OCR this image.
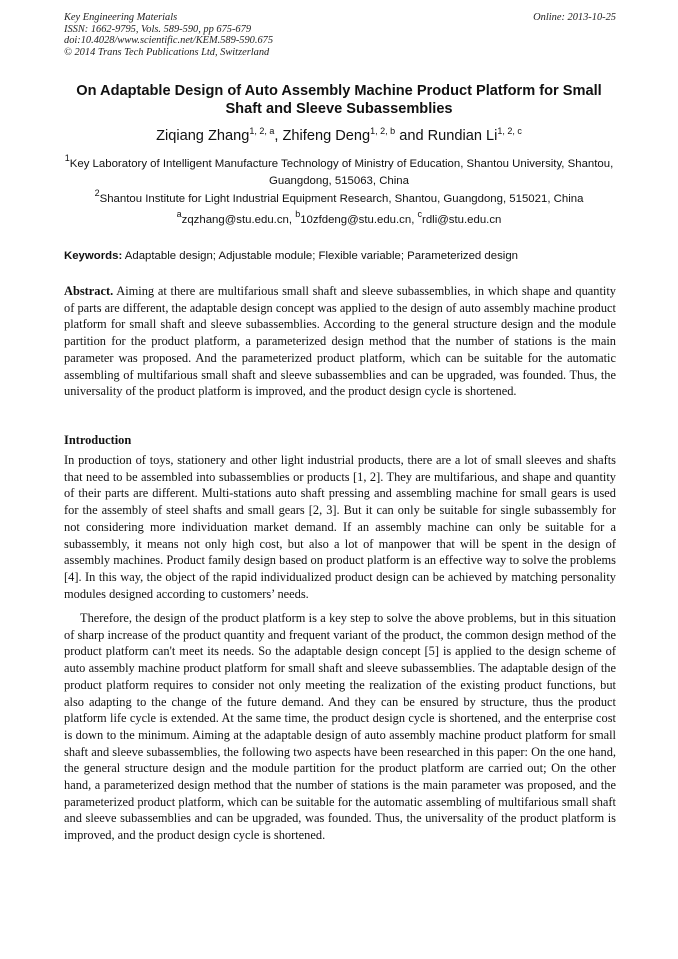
Key Engineering Materials
ISSN: 1662-9795, Vols. 589-590, pp 675-679
doi:10.4028/www.scientific.net/KEM.589-590.675
© 2014 Trans Tech Publications Ltd, Switzerland
Online: 2013-10-25
On Adaptable Design of Auto Assembly Machine Product Platform for Small Shaft and Sleeve Subassemblies
Ziqiang Zhang$^{1, 2, a}$, Zhifeng Deng$^{1, 2, b}$ and Rundian Li$^{1, 2, c}$
$^1$Key Laboratory of Intelligent Manufacture Technology of Ministry of Education, Shantou University, Shantou, Guangdong, 515063, China
$^2$Shantou Institute for Light Industrial Equipment Research, Shantou, Guangdong, 515021, China
$^a$zqzhang@stu.edu.cn, $^b$10zfdeng@stu.edu.cn, $^c$rdli@stu.edu.cn
Keywords: Adaptable design; Adjustable module; Flexible variable; Parameterized design
Abstract. Aiming at there are multifarious small shaft and sleeve subassemblies, in which shape and quantity of parts are different, the adaptable design concept was applied to the design of auto assembly machine product platform for small shaft and sleeve subassemblies. According to the general structure design and the module partition for the product platform, a parameterized design method that the number of stations is the main parameter was proposed. And the parameterized product platform, which can be suitable for the automatic assembling of multifarious small shaft and sleeve subassemblies and can be upgraded, was founded. Thus, the universality of the product platform is improved, and the product design cycle is shortened.
Introduction
In production of toys, stationery and other light industrial products, there are a lot of small sleeves and shafts that need to be assembled into subassemblies or products [1, 2]. They are multifarious, and shape and quantity of their parts are different. Multi-stations auto shaft pressing and assembling machine for small gears is used for the assembly of steel shafts and small gears [2, 3]. But it can only be suitable for single subassembly for not considering more individuation market demand. If an assembly machine can only be suitable for a subassembly, it means not only high cost, but also a lot of manpower that will be spent in the design of assembly machines. Product family design based on product platform is an effective way to solve the problems [4]. In this way, the object of the rapid individualized product design can be achieved by matching personality modules designed according to customers’ needs.
Therefore, the design of the product platform is a key step to solve the above problems, but in this situation of sharp increase of the product quantity and frequent variant of the product, the common design method of the product platform can't meet its needs. So the adaptable design concept [5] is applied to the design scheme of auto assembly machine product platform for small shaft and sleeve subassemblies. The adaptable design of the product platform requires to consider not only meeting the realization of the existing product functions, but also adapting to the change of the future demand. And they can be ensured by structure, thus the product platform life cycle is extended. At the same time, the product design cycle is shortened, and the enterprise cost is down to the minimum. Aiming at the adaptable design of auto assembly machine product platform for small shaft and sleeve subassemblies, the following two aspects have been researched in this paper: On the one hand, the general structure design and the module partition for the product platform are carried out; On the other hand, a parameterized design method that the number of stations is the main parameter was proposed, and the parameterized product platform, which can be suitable for the automatic assembling of multifarious small shaft and sleeve subassemblies and can be upgraded, was founded. Thus, the universality of the product platform is improved, and the product design cycle is shortened.
